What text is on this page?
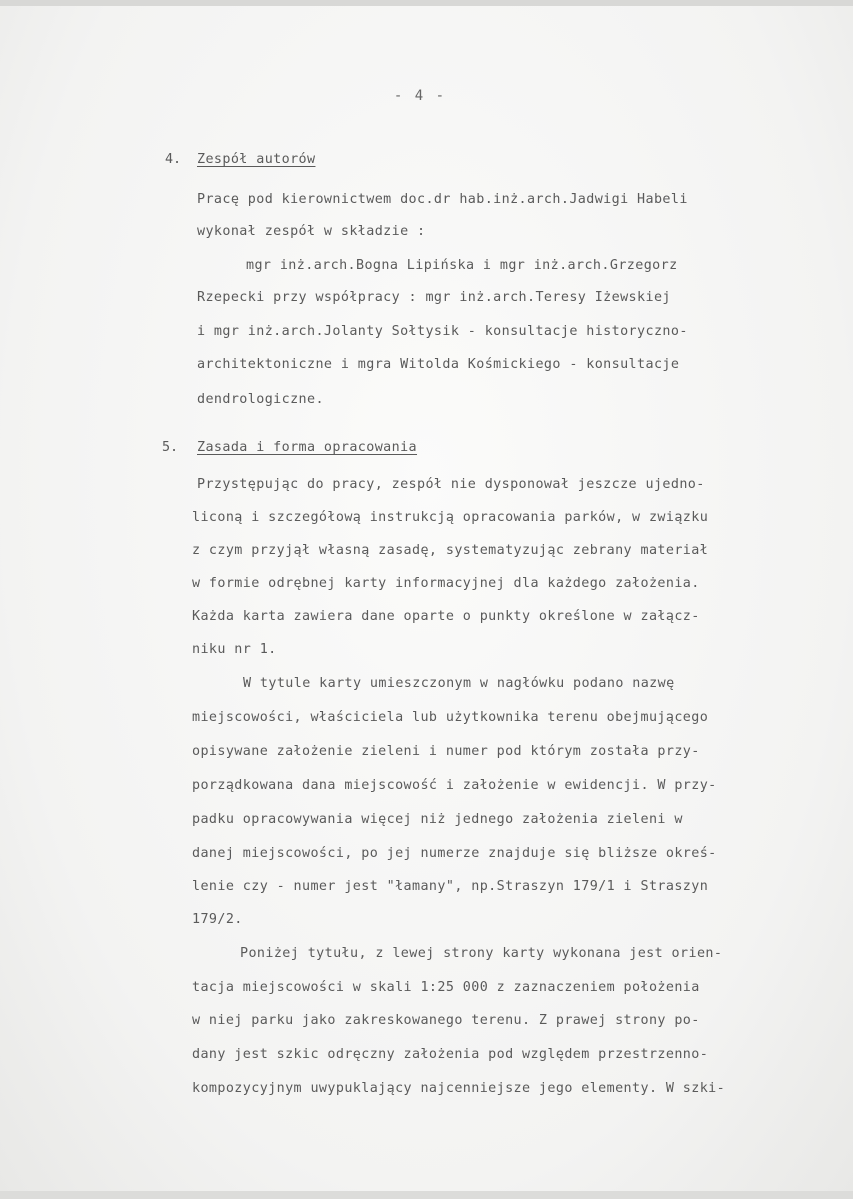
- 4 -
4. Zespół autorów
Pracę pod kierownictwem doc.dr hab.inż.arch.Jadwigi Habeli
wykonał zespół w składzie :
mgr inż.arch.Bogna Lipińska i mgr inż.arch.Grzegorz
Rzepecki przy współpracy : mgr inż.arch.Teresy Iżewskiej
i mgr inż.arch.Jolanty Sołtysik - konsultacje historyczno-
architektoniczne i mgra Witolda Kośmickiego - konsultacje
dendrologiczne.
5. Zasada i forma opracowania
Przystępując do pracy, zespół nie dysponował jeszcze ujedno-
liconą i szczegółową instrukcją opracowania parków, w związku
z czym przyjął własną zasadę, systematyzując zebrany materiał
w formie odrębnej karty informacyjnej dla każdego założenia.
Każda karta zawiera dane oparte o punkty określone w załącz-
niku nr 1.
W tytule karty umieszczonym w nagłówku podano nazwę
miejscowości, właściciela lub użytkownika terenu obejmującego
opisywane założenie zieleni i numer pod którym została przy-
porządkowana dana miejscowość i założenie w ewidencji. W przy-
padku opracowywania więcej niż jednego założenia zieleni w
danej miejscowości, po jej numerze znajduje się bliższe okreś-
lenie czy - numer jest "łamany", np.Straszyn 179/1 i Straszyn
179/2.
Poniżej tytułu, z lewej strony karty wykonana jest orien-
tacja miejscowości w skali 1:25 000 z zaznaczeniem położenia
w niej parku jako zakreskowanego terenu. Z prawej strony po-
dany jest szkic odręczny założenia pod względem przestrzenno-
kompozycyjnym uwypuklający najcenniejsze jego elementy. W szki-
